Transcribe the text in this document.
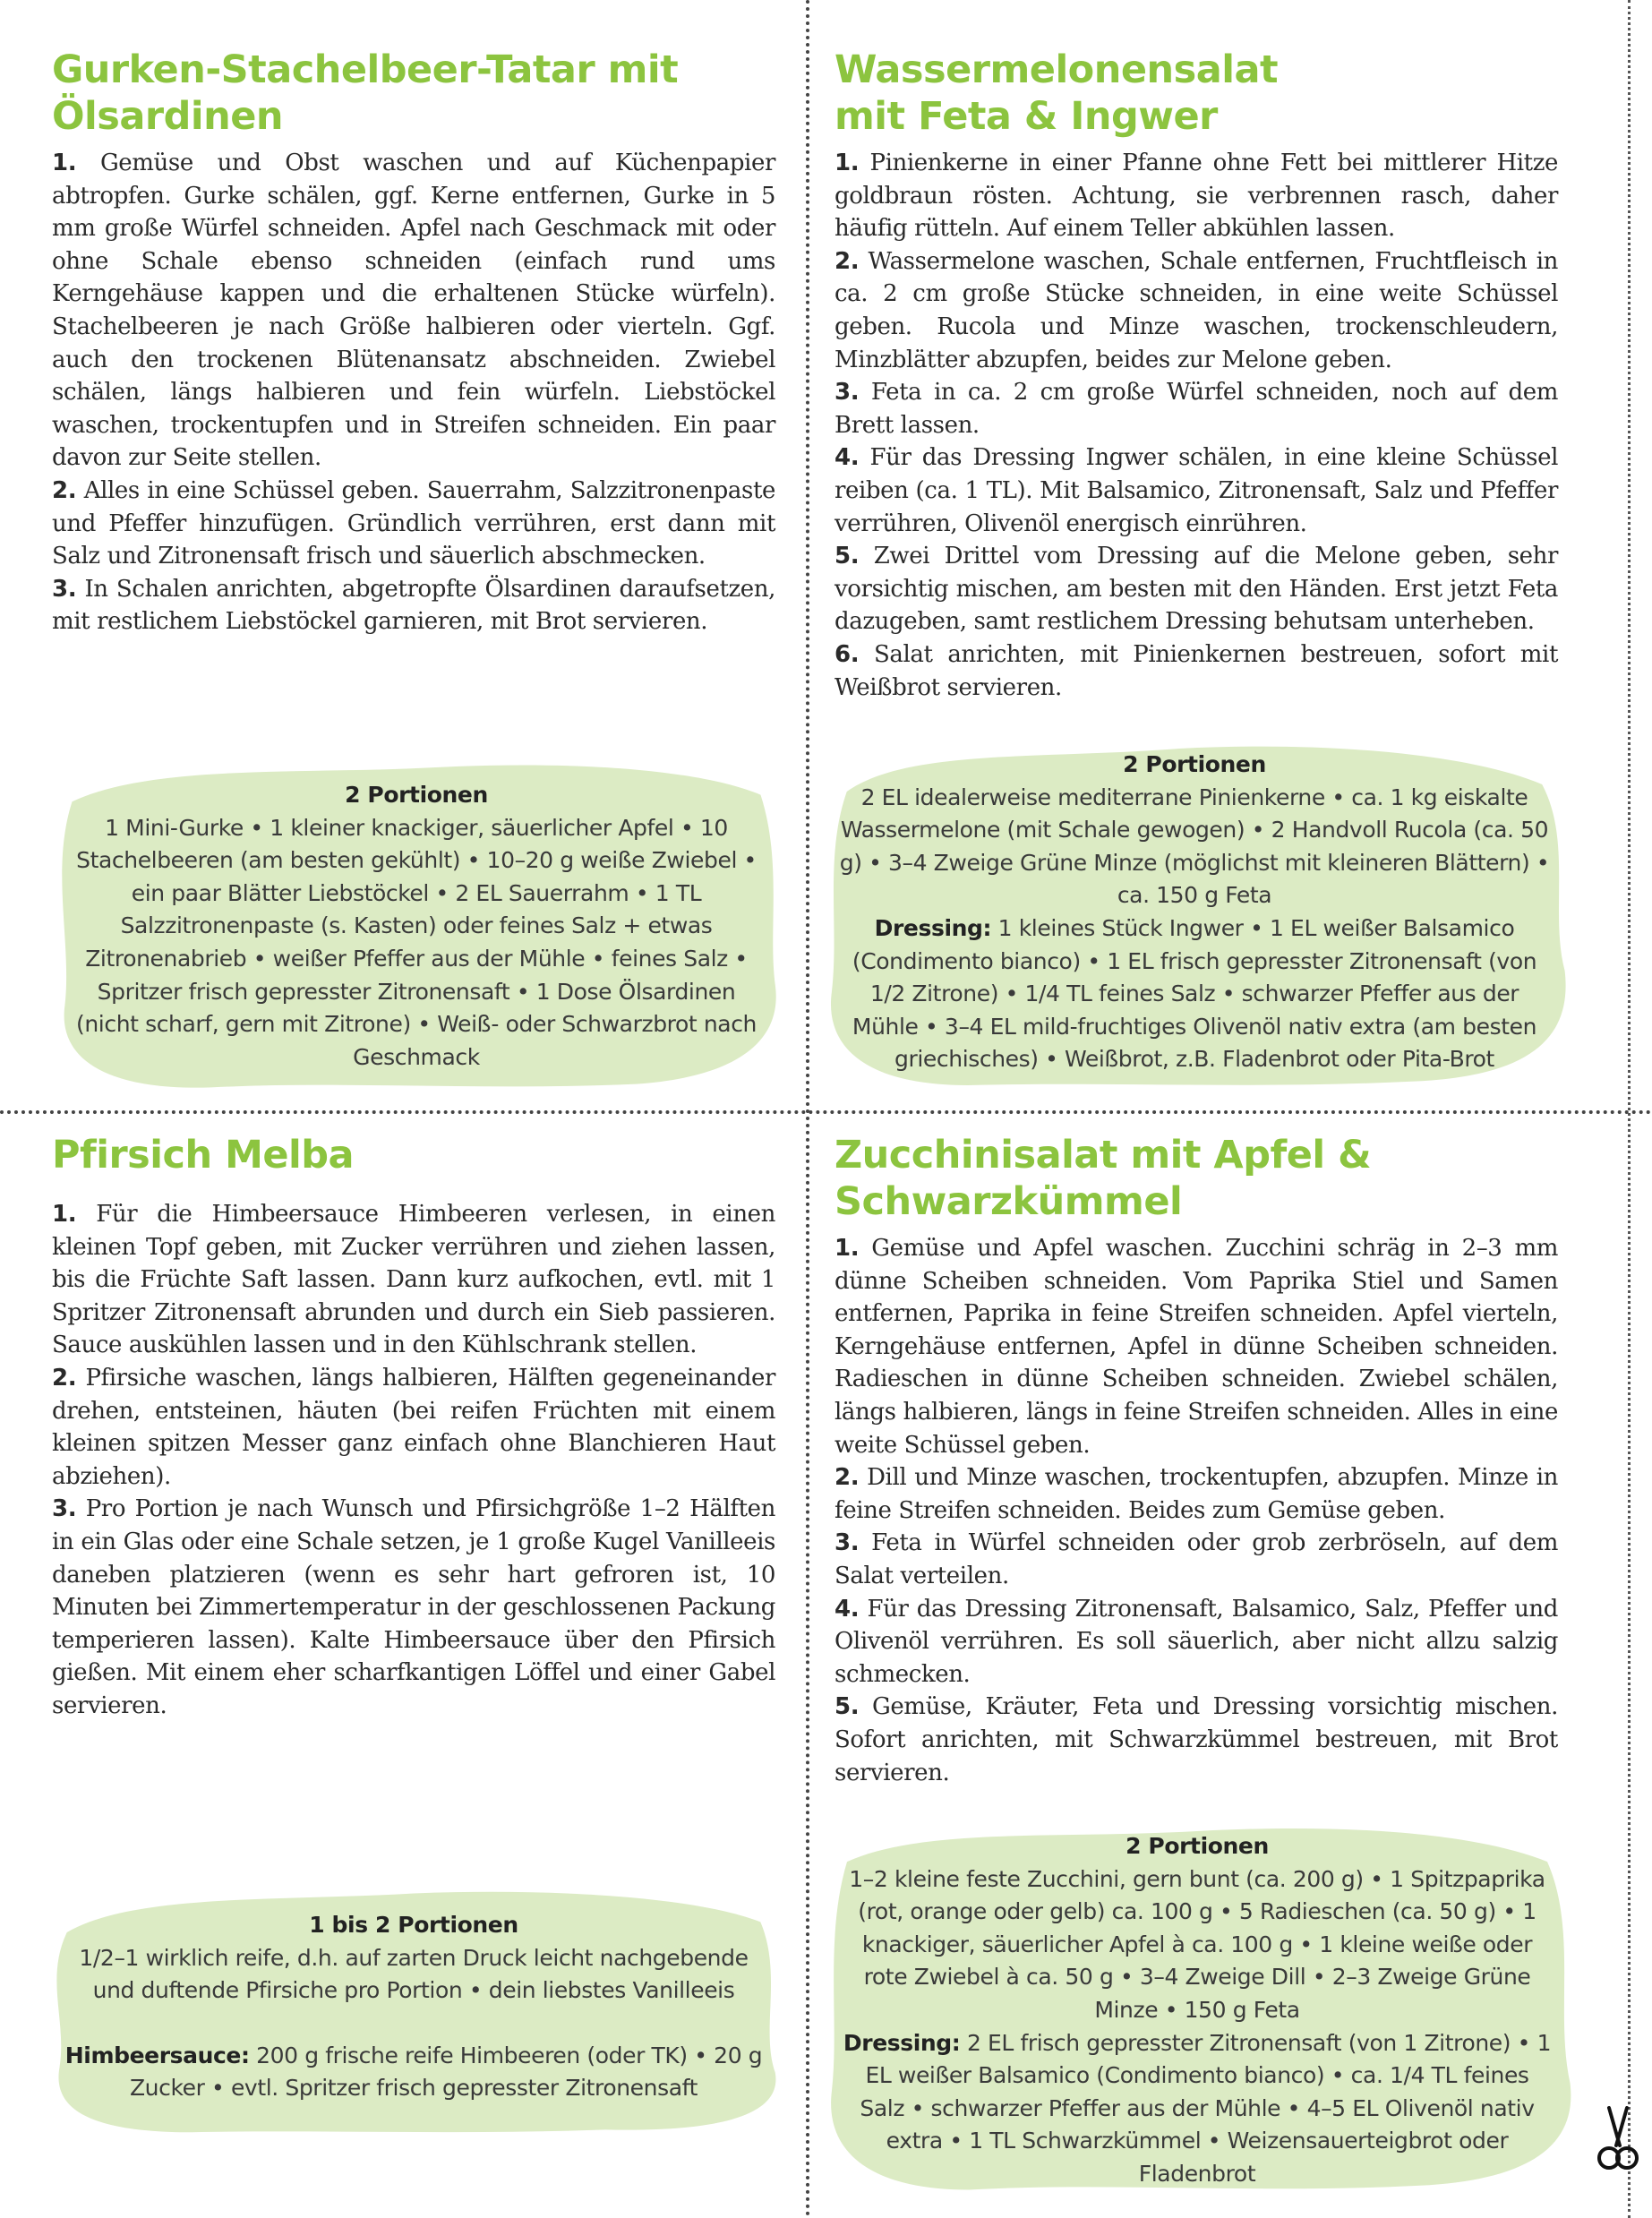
Gurken-Stachelbeer-Tatar mit
Ölsardinen

1. Gemüse und Obst waschen und auf Küchenpapier abtropfen. Gurke schälen, ggf. Kerne entfernen, Gurke in 5 mm große Würfel schneiden. Apfel nach Geschmack mit oder ohne Schale ebenso schneiden (einfach rund ums Kerngehäuse kappen und die erhaltenen Stücke würfeln). Stachelbeeren je nach Größe halbieren oder vierteln. Ggf. auch den trockenen Blütenansatz abschneiden. Zwiebel schälen, längs halbieren und fein würfeln. Liebstöckel waschen, trockentupfen und in Streifen schneiden. Ein paar davon zur Seite stellen.

2. Alles in eine Schüssel geben. Sauerrahm, Salzzitronenpaste und Pfeffer hinzufügen. Gründlich verrühren, erst dann mit Salz und Zitronensaft frisch und säuerlich abschmecken.

3. In Schalen anrichten, abgetropfte Ölsardinen daraufsetzen, mit restlichem Liebstöckel garnieren, mit Brot servieren.

2 Portionen
1 Mini-Gurke • 1 kleiner knackiger, säuerlicher Apfel • 10 Stachelbeeren (am besten gekühlt) • 10–20 g weiße Zwiebel • ein paar Blätter Liebstöckel • 2 EL Sauerrahm • 1 TL Salzzitronenpaste (s. Kasten) oder feines Salz + etwas Zitronenabrieb • weißer Pfeffer aus der Mühle • feines Salz • Spritzer frisch gepresster Zitronensaft • 1 Dose Ölsardinen (nicht scharf, gern mit Zitrone) • Weiß- oder Schwarzbrot nach Geschmack
Wassermelonensalat
mit Feta & Ingwer

1. Pinienkerne in einer Pfanne ohne Fett bei mittlerer Hitze goldbraun rösten. Achtung, sie verbrennen rasch, daher häufig rütteln. Auf einem Teller abkühlen lassen.

2. Wassermelone waschen, Schale entfernen, Fruchtfleisch in ca. 2 cm große Stücke schneiden, in eine weite Schüssel geben. Rucola und Minze waschen, trockenschleudern, Minzblätter abzupfen, beides zur Melone geben.

3. Feta in ca. 2 cm große Würfel schneiden, noch auf dem Brett lassen.

4. Für das Dressing Ingwer schälen, in eine kleine Schüssel reiben (ca. 1 TL). Mit Balsamico, Zitronensaft, Salz und Pfeffer verrühren, Olivenöl energisch einrühren.

5. Zwei Drittel vom Dressing auf die Melone geben, sehr vorsichtig mischen, am besten mit den Händen. Erst jetzt Feta dazugeben, samt restlichem Dressing behutsam unterheben.

6. Salat anrichten, mit Pinienkernen bestreuen, sofort mit Weißbrot servieren.

2 Portionen
2 EL idealerweise mediterrane Pinienkerne • ca. 1 kg eiskalte Wassermelone (mit Schale gewogen) • 2 Handvoll Rucola (ca. 50 g) • 3–4 Zweige Grüne Minze (möglichst mit kleineren Blättern) • ca. 150 g Feta
Dressing: 1 kleines Stück Ingwer • 1 EL weißer Balsamico (Condimento bianco) • 1 EL frisch gepresster Zitronensaft (von 1/2 Zitrone) • 1/4 TL feines Salz • schwarzer Pfeffer aus der Mühle • 3–4 EL mild-fruchtiges Olivenöl nativ extra (am besten griechisches) • Weißbrot, z.B. Fladenbrot oder Pita-Brot
Pfirsich Melba

1. Für die Himbeersauce Himbeeren verlesen, in einen kleinen Topf geben, mit Zucker verrühren und ziehen lassen, bis die Früchte Saft lassen. Dann kurz aufkochen, evtl. mit 1 Spritzer Zitronensaft abrunden und durch ein Sieb passieren. Sauce auskühlen lassen und in den Kühlschrank stellen.

2. Pfirsiche waschen, längs halbieren, Hälften gegeneinander drehen, entsteinen, häuten (bei reifen Früchten mit einem kleinen spitzen Messer ganz einfach ohne Blanchieren Haut abziehen).

3. Pro Portion je nach Wunsch und Pfirsichgröße 1–2 Hälften in ein Glas oder eine Schale setzen, je 1 große Kugel Vanilleeis daneben platzieren (wenn es sehr hart gefroren ist, 10 Minuten bei Zimmertemperatur in der geschlossenen Packung temperieren lassen). Kalte Himbeersauce über den Pfirsich gießen. Mit einem eher scharfkantigen Löffel und einer Gabel servieren.

1 bis 2 Portionen
1/2–1 wirklich reife, d.h. auf zarten Druck leicht nachgebende und duftende Pfirsiche pro Portion • dein liebstes Vanilleeis
Himbeersauce: 200 g frische reife Himbeeren (oder TK) • 20 g Zucker • evtl. Spritzer frisch gepresster Zitronensaft
Zucchinisalat mit Apfel &
Schwarzkümmel

1. Gemüse und Apfel waschen. Zucchini schräg in 2–3 mm dünne Scheiben schneiden. Vom Paprika Stiel und Samen entfernen, Paprika in feine Streifen schneiden. Apfel vierteln, Kerngehäuse entfernen, Apfel in dünne Scheiben schneiden. Radieschen in dünne Scheiben schneiden. Zwiebel schälen, längs halbieren, längs in feine Streifen schneiden. Alles in eine weite Schüssel geben.

2. Dill und Minze waschen, trockentupfen, abzupfen. Minze in feine Streifen schneiden. Beides zum Gemüse geben.

3. Feta in Würfel schneiden oder grob zerbröseln, auf dem Salat verteilen.

4. Für das Dressing Zitronensaft, Balsamico, Salz, Pfeffer und Olivenöl verrühren. Es soll säuerlich, aber nicht allzu salzig schmecken.

5. Gemüse, Kräuter, Feta und Dressing vorsichtig mischen. Sofort anrichten, mit Schwarzkümmel bestreuen, mit Brot servieren.

2 Portionen
1–2 kleine feste Zucchini, gern bunt (ca. 200 g) • 1 Spitzpaprika (rot, orange oder gelb) ca. 100 g • 5 Radieschen (ca. 50 g) • 1 knackiger, säuerlicher Apfel à ca. 100 g • 1 kleine weiße oder rote Zwiebel à ca. 50 g • 3–4 Zweige Dill • 2–3 Zweige Grüne Minze • 150 g Feta
Dressing: 2 EL frisch gepresster Zitronensaft (von 1 Zitrone) • 1 EL weißer Balsamico (Condimento bianco) • ca. 1/4 TL feines Salz • schwarzer Pfeffer aus der Mühle • 4–5 EL Olivenöl nativ extra • 1 TL Schwarzkümmel • Weizensauerteigbrot oder Fladenbrot
